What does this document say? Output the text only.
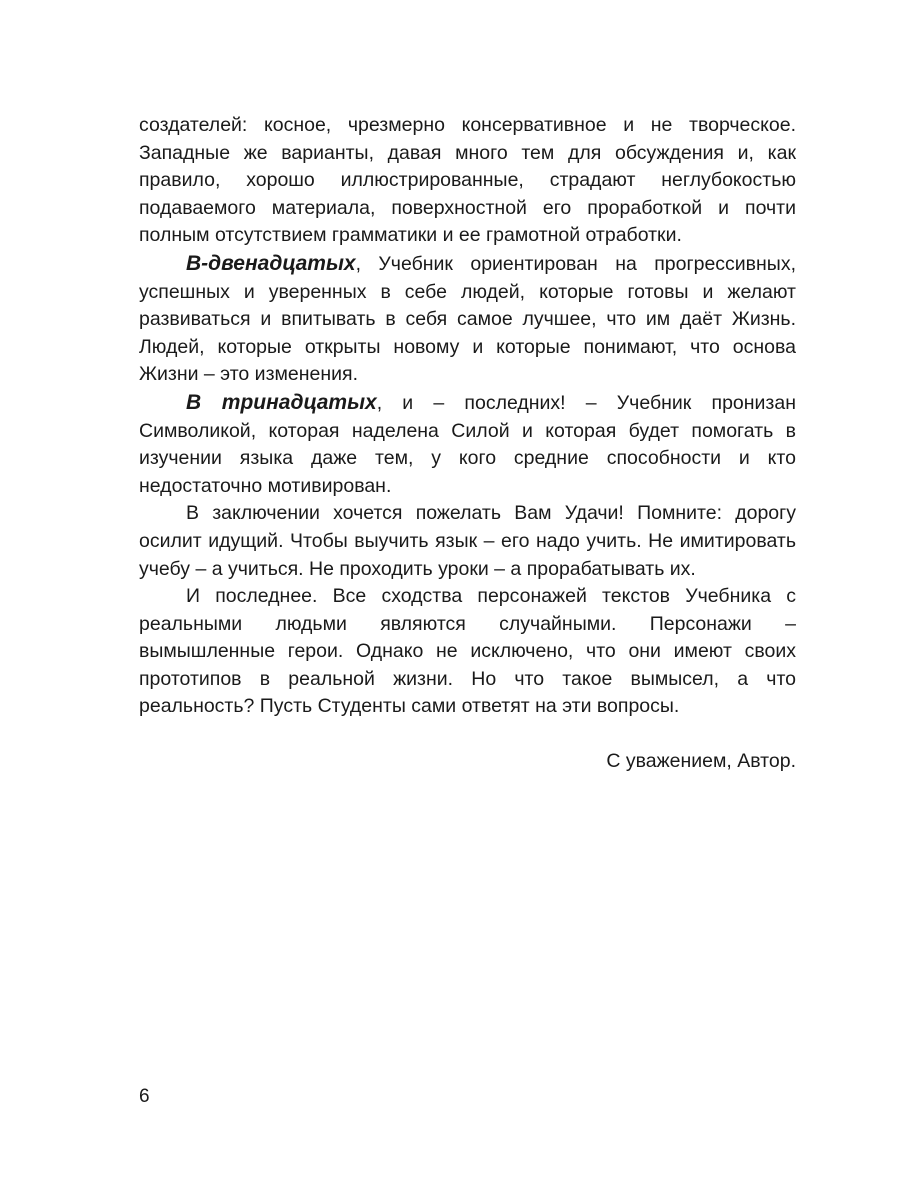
создателей: косное, чрезмерно консервативное и не творческое. Западные же варианты, давая много тем для обсуждения и, как правило, хорошо иллюстрированные, страдают неглубокостью подаваемого материала, поверхностной его проработкой и почти полным отсутствием грамматики и ее грамотной отработки.

В-двенадцатых, Учебник ориентирован на прогрессивных, успешных и уверенных в себе людей, которые готовы и желают развиваться и впитывать в себя самое лучшее, что им даёт Жизнь. Людей, которые открыты новому и которые понимают, что основа Жизни – это изменения.

В тринадцатых, и – последних! – Учебник пронизан Символикой, которая наделена Силой и которая будет помогать в изучении языка даже тем, у кого средние способности и кто недостаточно мотивирован.

В заключении хочется пожелать Вам Удачи! Помните: дорогу осилит идущий. Чтобы выучить язык – его надо учить. Не имитировать учебу – а учиться. Не проходить уроки – а прорабатывать их.

И последнее. Все сходства персонажей текстов Учебника с реальными людьми являются случайными. Персонажи – вымышленные герои. Однако не исключено, что они имеют своих прототипов в реальной жизни. Но что такое вымысел, а что реальность? Пусть Студенты сами ответят на эти вопросы.

С уважением, Автор.

6
